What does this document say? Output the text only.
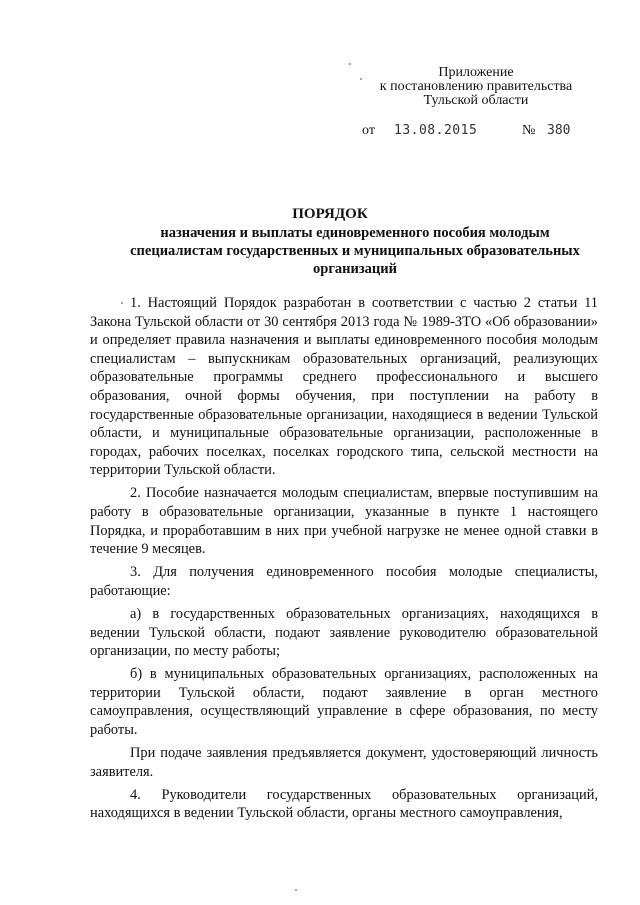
Приложение
к постановлению правительства
Тульской области
от 13.08.2015	№ 380
ПОРЯДОК
назначения и выплаты единовременного пособия молодым специалистам государственных и муниципальных образовательных организаций

1. Настоящий Порядок разработан в соответствии с частью 2 статьи 11 Закона Тульской области от 30 сентября 2013 года № 1989-ЗТО «Об образовании» и определяет правила назначения и выплаты единовременного пособия молодым специалистам – выпускникам образовательных организаций, реализующих образовательные программы среднего профессионального и высшего образования, очной формы обучения, при поступлении на работу в государственные образовательные организации, находящиеся в ведении Тульской области, и муниципальные образовательные организации, расположенные в городах, рабочих поселках, поселках городского типа, сельской местности на территории Тульской области.

2. Пособие назначается молодым специалистам, впервые поступившим на работу в образовательные организации, указанные в пункте 1 настоящего Порядка, и проработавшим в них при учебной нагрузке не менее одной ставки в течение 9 месяцев.

3. Для получения единовременного пособия молодые специалисты, работающие:

а) в государственных образовательных организациях, находящихся в ведении Тульской области, подают заявление руководителю образовательной организации, по месту работы;

б) в муниципальных образовательных организациях, расположенных на территории Тульской области, подают заявление в орган местного самоуправления, осуществляющий управление в сфере образования, по месту работы.

При подаче заявления предъявляется документ, удостоверяющий личность заявителя.

4. Руководители государственных образовательных организаций, находящихся в ведении Тульской области, органы местного самоуправления,
